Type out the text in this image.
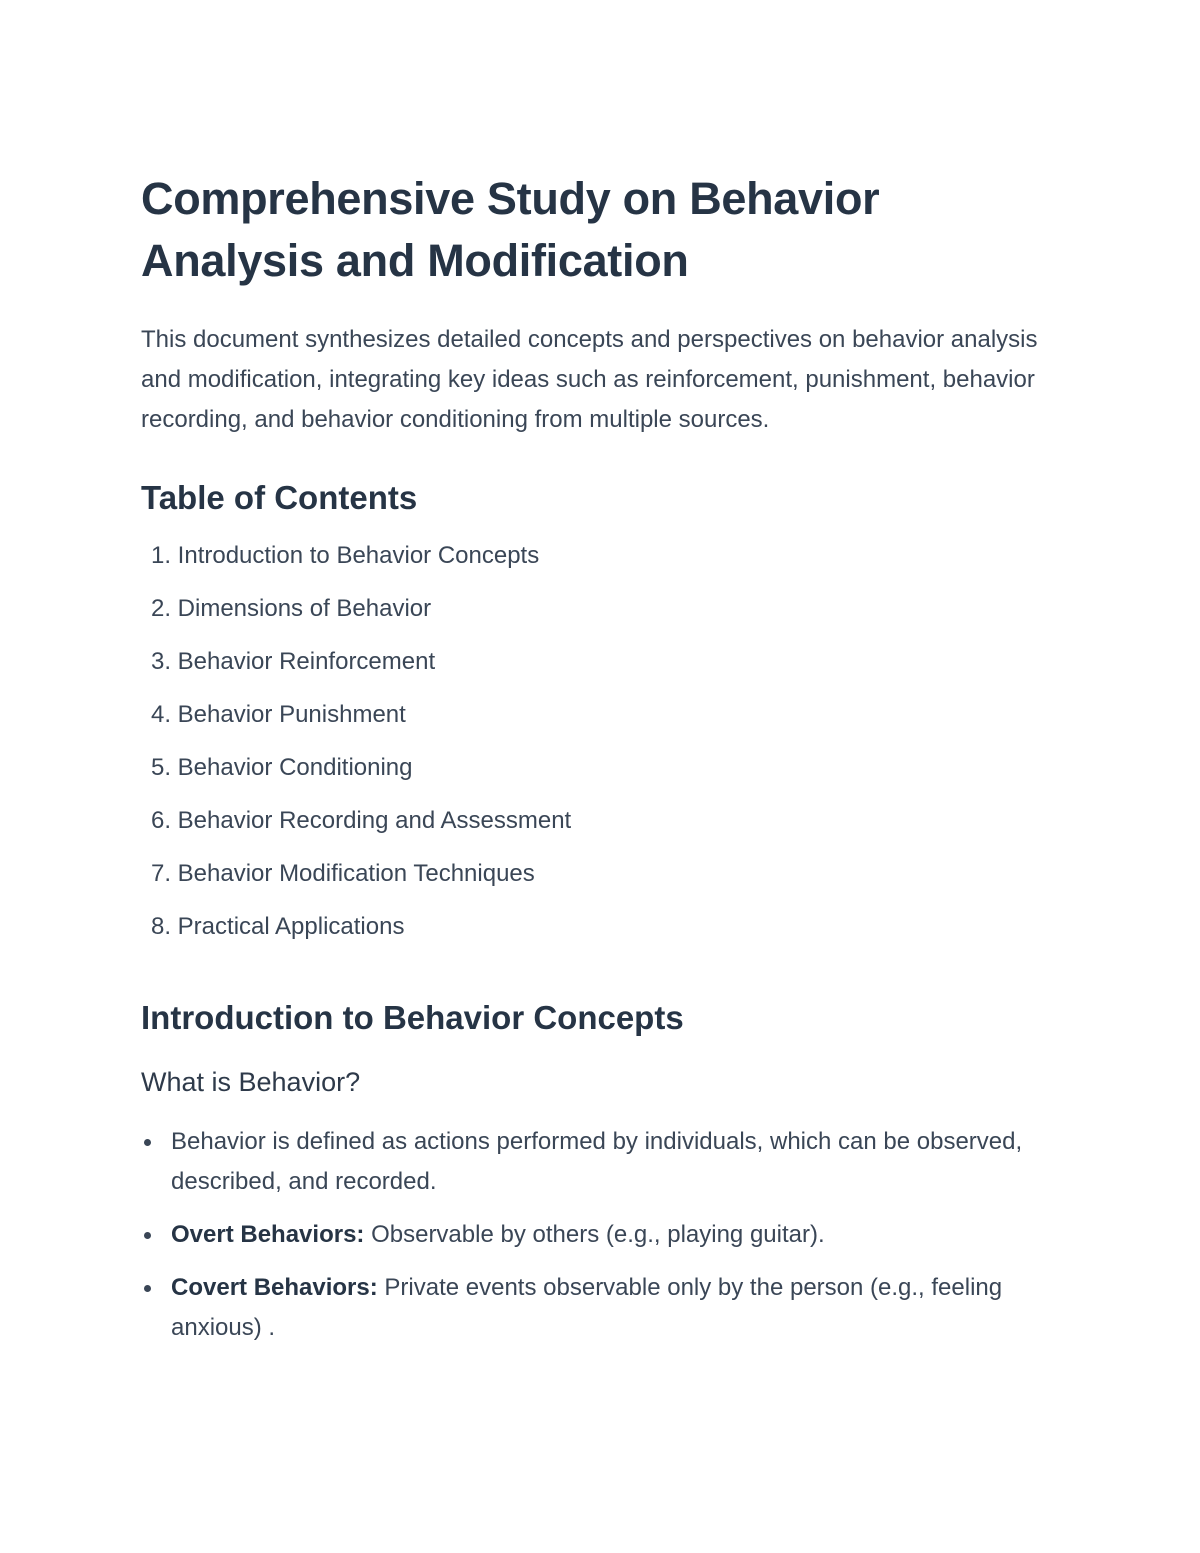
Comprehensive Study on Behavior Analysis and Modification

This document synthesizes detailed concepts and perspectives on behavior analysis and modification, integrating key ideas such as reinforcement, punishment, behavior recording, and behavior conditioning from multiple sources.

Table of Contents
1.
Introduction to Behavior Concepts
2.
Dimensions of Behavior
3.
Behavior Reinforcement
4.
Behavior Punishment
5.
Behavior Conditioning
6.
Behavior Recording and Assessment
7.
Behavior Modification Techniques
8.
Practical Applications
Introduction to Behavior Concepts
What is Behavior?
Behavior is defined as actions performed by individuals, which can be observed, described, and recorded.
Overt Behaviors: Observable by others (e.g., playing guitar).
Covert Behaviors: Private events observable only by the person (e.g., feeling anxious) .
